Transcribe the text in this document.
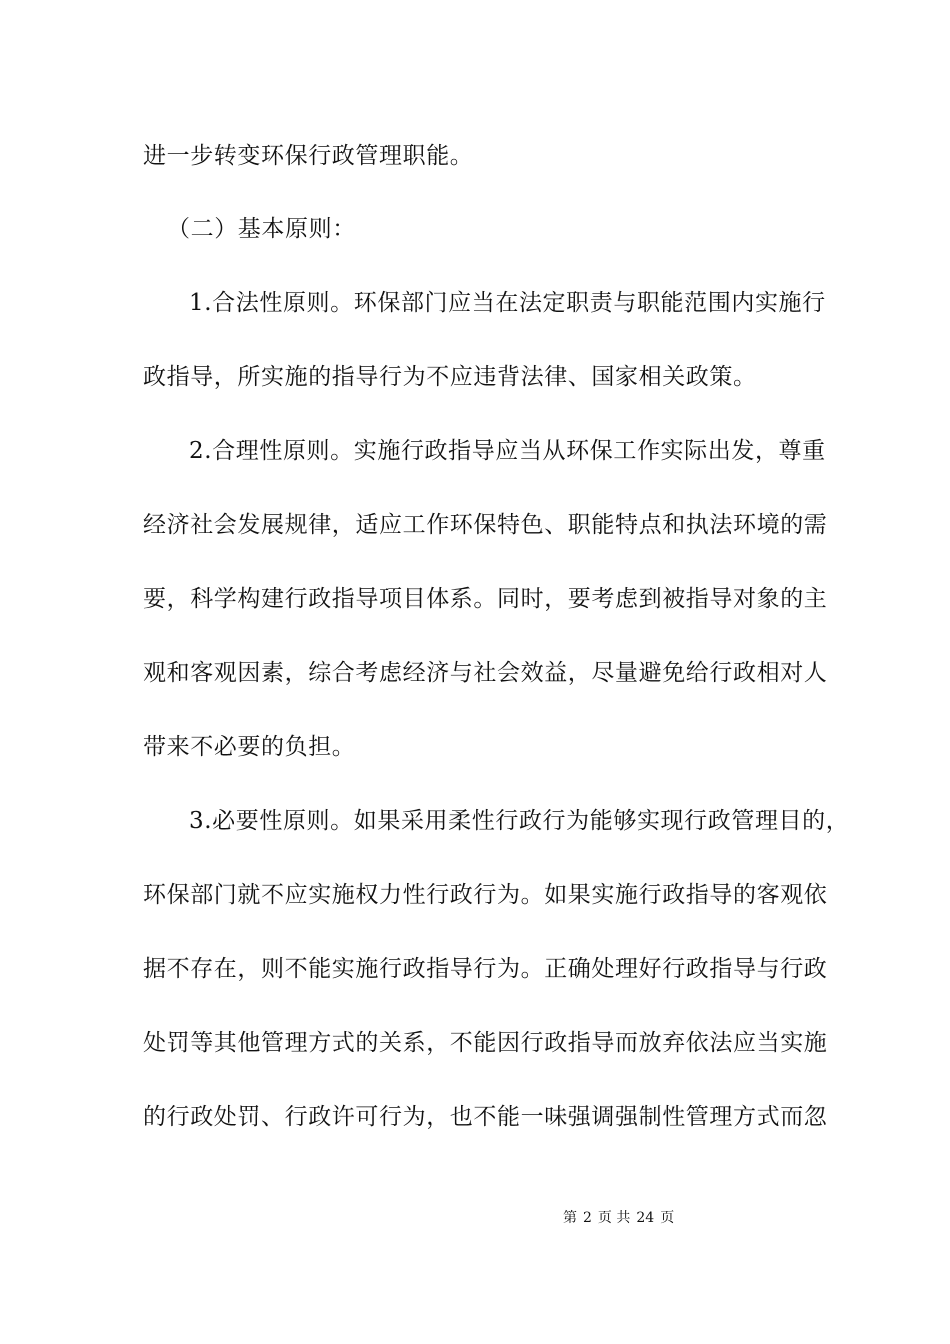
进一步转变环保行政管理职能。
（二）基本原则：
1.合法性原则。环保部门应当在法定职责与职能范围内实施行
政指导，所实施的指导行为不应违背法律、国家相关政策。
2.合理性原则。实施行政指导应当从环保工作实际出发，尊重
经济社会发展规律，适应工作环保特色、职能特点和执法环境的需
要，科学构建行政指导项目体系。同时，要考虑到被指导对象的主
观和客观因素，综合考虑经济与社会效益，尽量避免给行政相对人
带来不必要的负担。
3.必要性原则。如果采用柔性行政行为能够实现行政管理目的，
环保部门就不应实施权力性行政行为。如果实施行政指导的客观依
据不存在，则不能实施行政指导行为。正确处理好行政指导与行政
处罚等其他管理方式的关系，不能因行政指导而放弃依法应当实施
的行政处罚、行政许可行为，也不能一味强调强制性管理方式而忽
第 2 页 共 24 页
